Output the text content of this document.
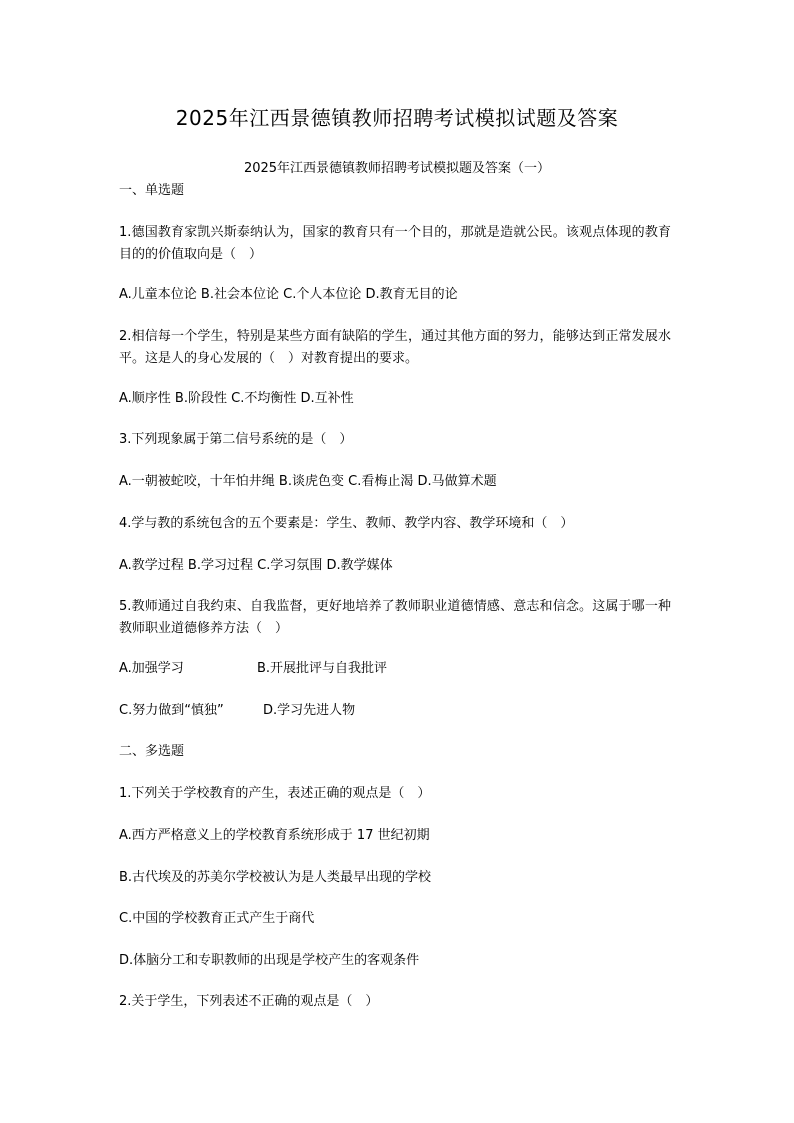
2025年江西景德镇教师招聘考试模拟试题及答案
2025年江西景德镇教师招聘考试模拟题及答案（一）
一、单选题
1.德国教育家凯兴斯泰纳认为，国家的教育只有一个目的，那就是造就公民。该观点体现的教育目的的价值取向是（　）
A.儿童本位论 B.社会本位论 C.个人本位论 D.教育无目的论
2.相信每一个学生，特别是某些方面有缺陷的学生，通过其他方面的努力，能够达到正常发展水平。这是人的身心发展的（　）对教育提出的要求。
A.顺序性 B.阶段性 C.不均衡性 D.互补性
3.下列现象属于第二信号系统的是（　）
A.一朝被蛇咬，十年怕井绳 B.谈虎色变 C.看梅止渴 D.马做算术题
4.学与教的系统包含的五个要素是：学生、教师、教学内容、教学环境和（　）
A.教学过程 B.学习过程 C.学习氛围 D.教学媒体
5.教师通过自我约束、自我监督，更好地培养了教师职业道德情感、意志和信念。这属于哪一种教师职业道德修养方法（　）
A.加强学习	B.开展批评与自我批评
C.努力做到“慎独”	D.学习先进人物
二、多选题
1.下列关于学校教育的产生，表述正确的观点是（　）
A.西方严格意义上的学校教育系统形成于 17 世纪初期
B.古代埃及的苏美尔学校被认为是人类最早出现的学校
C.中国的学校教育正式产生于商代
D.体脑分工和专职教师的出现是学校产生的客观条件
2.关于学生，下列表述不正确的观点是（　）
